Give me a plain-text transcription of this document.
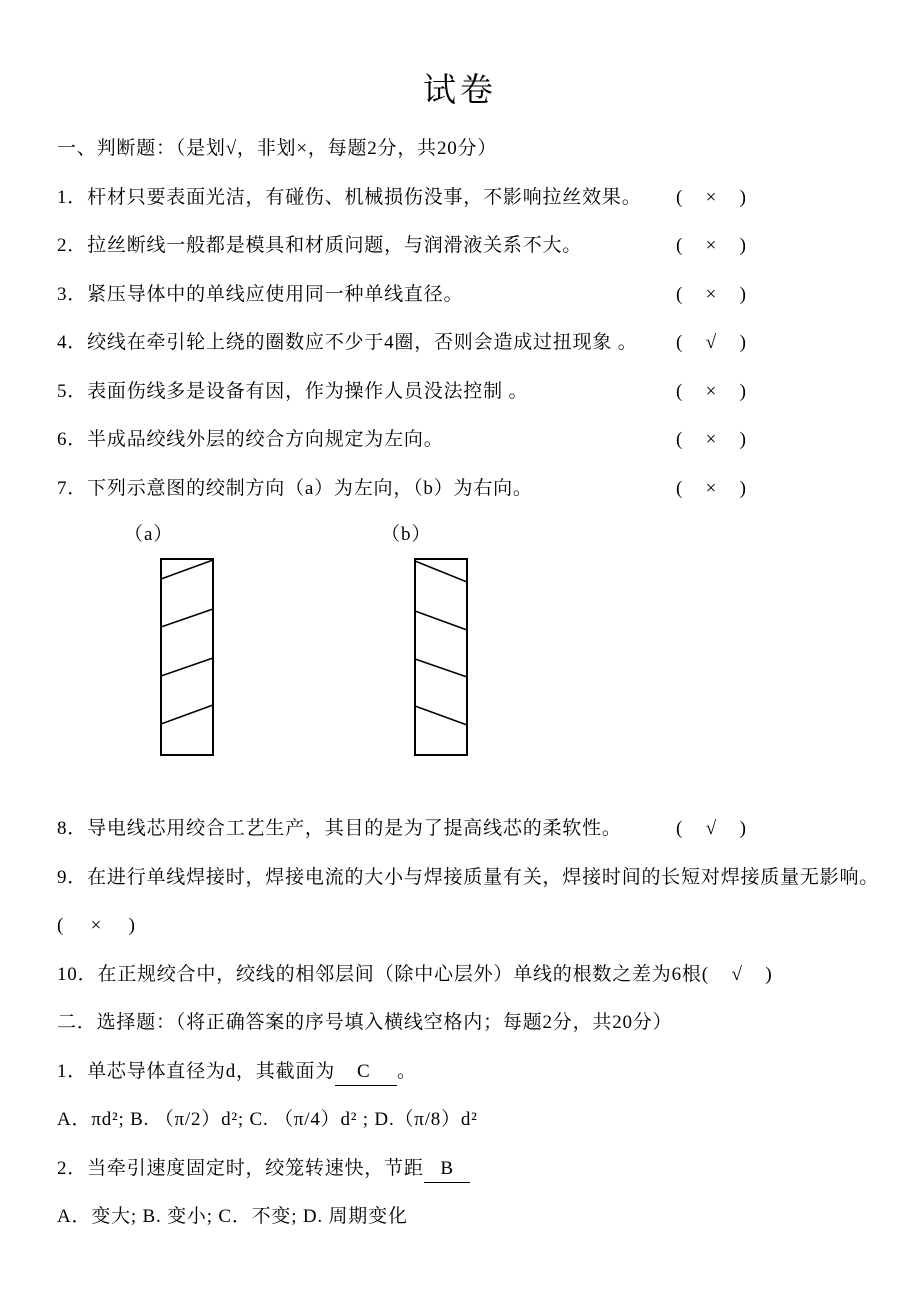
试卷
一、判断题：（是划√，非划×，每题2分，共20分）
1．杆材只要表面光洁，有碰伤、机械损伤没事，不影响拉丝效果。 ( × )
2．拉丝断线一般都是模具和材质问题，与润滑液关系不大。	( × )
3．紧压导体中的单线应使用同一种单线直径。	( × )
4．绞线在牵引轮上绕的圈数应不少于4圈，否则会造成过扭现象 。 ( √ )
5．表面伤线多是设备有因，作为操作人员没法控制 。	( × )
6．半成品绞线外层的绞合方向规定为左向。	( × )
7．下列示意图的绞制方向（a）为左向，（b）为右向。	( × )
（a）	（b）
8．导电线芯用绞合工艺生产，其目的是为了提高线芯的柔软性。	( √ )
9．在进行单线焊接时，焊接电流的大小与焊接质量有关，焊接时间的长短对焊接质量无影响。
( × )
10．在正规绞合中，绞线的相邻层间（除中心层外）单线的根数之差为6根 ( √ )
二．选择题：（将正确答案的序号填入横线空格内；每题2分，共20分）
1．单芯导体直径为d，其截面为 C 。
A．πd²; B. （π/2）d²; C. （π/4）d² ; D.（π/8）d²
2．当牵引速度固定时，绞笼转速快，节距 B
A．变大; B. 变小; C．不变; D. 周期变化
